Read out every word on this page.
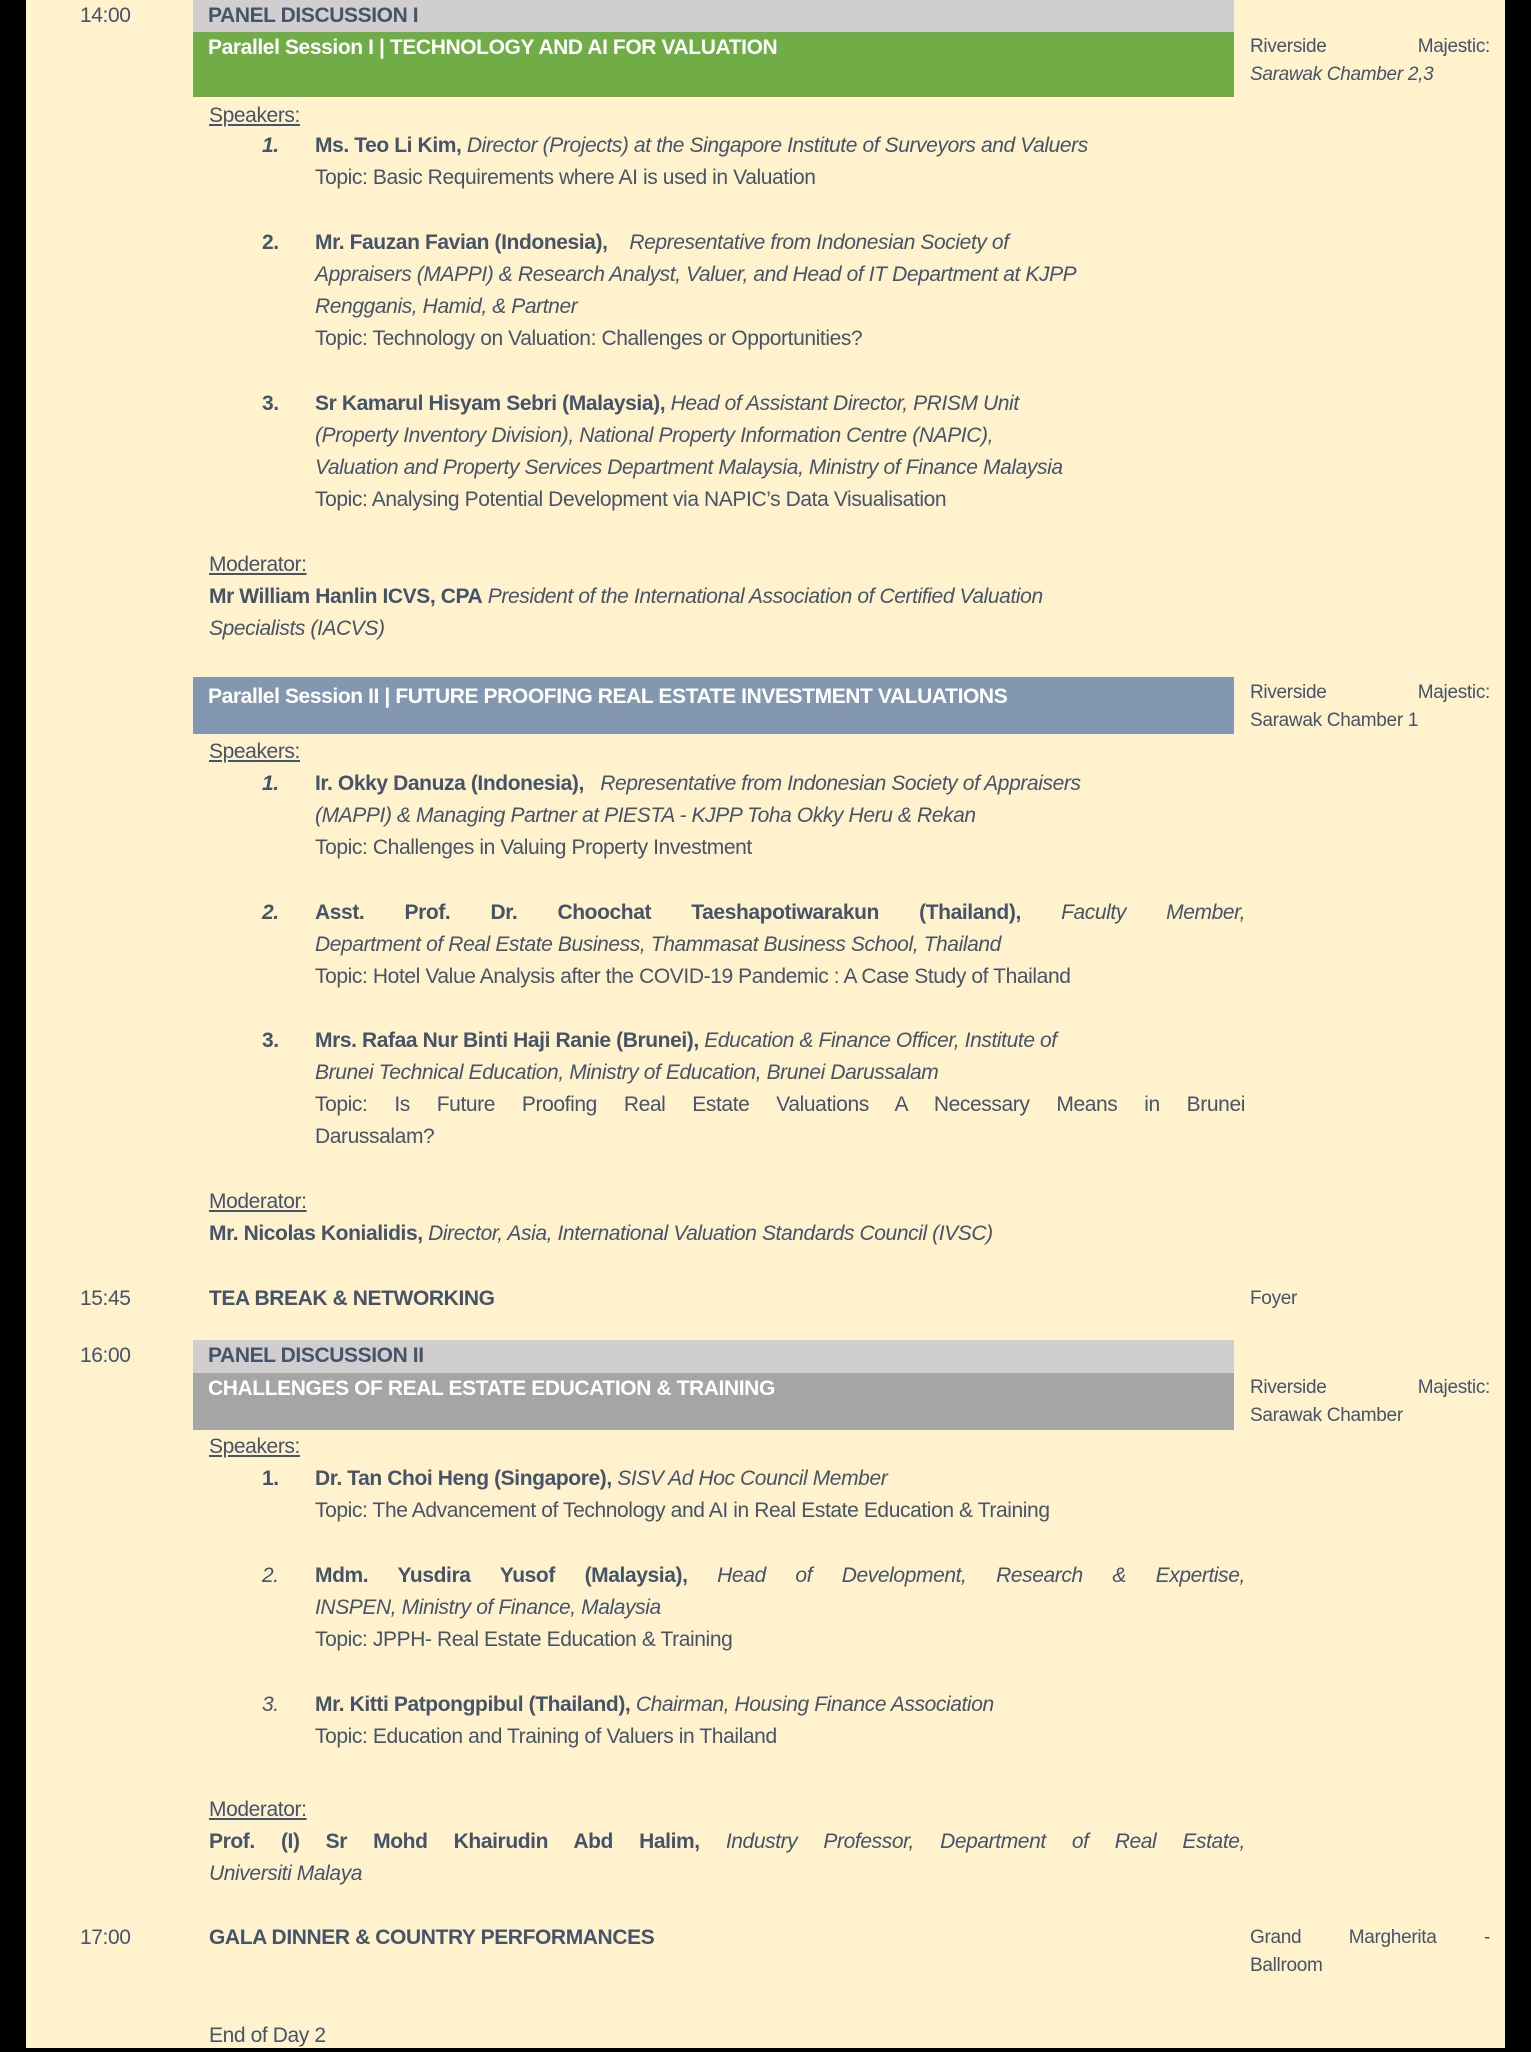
14:00	PANEL DISCUSSION I
Parallel Session I | TECHNOLOGY AND AI FOR VALUATION	Riverside	Majestic:
Sarawak Chamber 2,3
Speakers:
1.	Ms. Teo Li Kim, Director (Projects) at the Singapore Institute of Surveyors and Valuers
Topic: Basic Requirements where AI is used in Valuation
2.	Mr. Fauzan Favian (Indonesia), Representative from Indonesian Society of
Appraisers (MAPPI) & Research Analyst, Valuer, and Head of IT Department at KJPP
Rengganis, Hamid, & Partner
Topic: Technology on Valuation: Challenges or Opportunities?
3.	Sr Kamarul Hisyam Sebri (Malaysia), Head of Assistant Director, PRISM Unit
(Property Inventory Division), National Property Information Centre (NAPIC),
Valuation and Property Services Department Malaysia, Ministry of Finance Malaysia
Topic: Analysing Potential Development via NAPIC’s Data Visualisation
Moderator:
Mr William Hanlin ICVS, CPA President of the International Association of Certified Valuation
Specialists (IACVS)
Parallel Session II | FUTURE PROOFING REAL ESTATE INVESTMENT VALUATIONS	Riverside	Majestic:
Sarawak Chamber 1
Speakers:
1.	Ir. Okky Danuza (Indonesia), Representative from Indonesian Society of Appraisers
(MAPPI) & Managing Partner at PIESTA - KJPP Toha Okky Heru & Rekan
Topic: Challenges in Valuing Property Investment
2.	Asst. Prof. Dr. Choochat Taeshapotiwarakun (Thailand), Faculty Member,
Department of Real Estate Business, Thammasat Business School, Thailand
Topic: Hotel Value Analysis after the COVID-19 Pandemic : A Case Study of Thailand
3.	Mrs. Rafaa Nur Binti Haji Ranie (Brunei), Education & Finance Officer, Institute of
Brunei Technical Education, Ministry of Education, Brunei Darussalam
Topic: Is Future Proofing Real Estate Valuations A Necessary Means in Brunei
Darussalam?
Moderator:
Mr. Nicolas Konialidis, Director, Asia, International Valuation Standards Council (IVSC)
15:45	TEA BREAK & NETWORKING	Foyer
16:00	PANEL DISCUSSION II
CHALLENGES OF REAL ESTATE EDUCATION & TRAINING	Riverside	Majestic:
Sarawak Chamber
Speakers:
1.	Dr. Tan Choi Heng (Singapore), SISV Ad Hoc Council Member
Topic: The Advancement of Technology and AI in Real Estate Education & Training
2.	Mdm. Yusdira Yusof (Malaysia), Head of Development, Research & Expertise,
INSPEN, Ministry of Finance, Malaysia
Topic: JPPH- Real Estate Education & Training
3.	Mr. Kitti Patpongpibul (Thailand), Chairman, Housing Finance Association
Topic: Education and Training of Valuers in Thailand
Moderator:
Prof. (I) Sr Mohd Khairudin Abd Halim, Industry Professor, Department of Real Estate,
Universiti Malaya
17:00	GALA DINNER & COUNTRY PERFORMANCES	Grand Margherita -
Ballroom
End of Day 2
